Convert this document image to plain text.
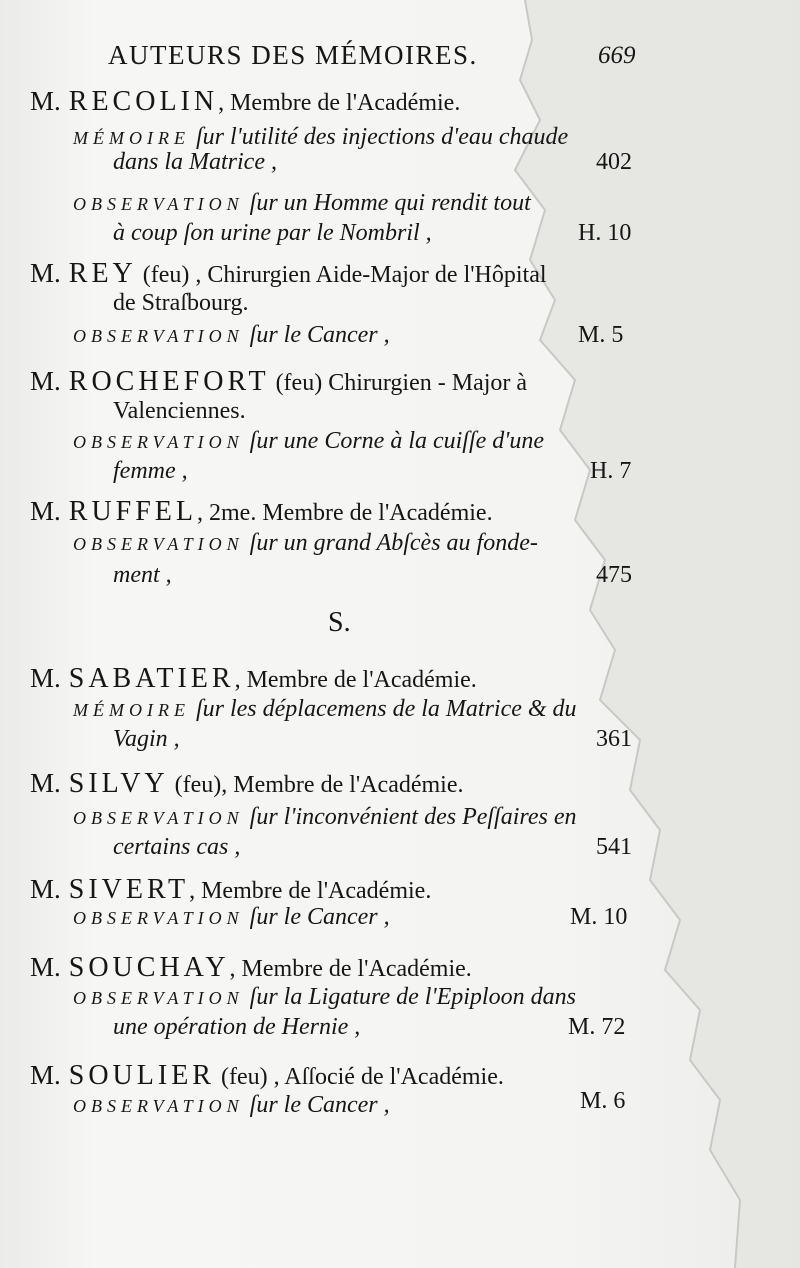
AUTEURS DES MÉMOIRES.	669
M. RECOLIN, Membre de l'Académie.
MÉMOIRE ſur l'utilité des injections d'eau chaude
dans la Matrice ,	402
OBSERVATION ſur un Homme qui rendit tout
à coup ſon urine par le Nombril ,	H. 10
M. REY (feu) , Chirurgien Aide-Major de l'Hôpital
de Straſbourg.
OBSERVATION ſur le Cancer ,	M. 5
M. ROCHEFORT (feu) Chirurgien - Major à
Valenciennes.
OBSERVATION ſur une Corne à la cuiſſe d'une
femme ,	H. 7
M. RUFFEL, 2me. Membre de l'Académie.
OBSERVATION ſur un grand Abſcès au fonde-
ment ,	475
S.
M. SABATIER, Membre de l'Académie.
MÉMOIRE ſur les déplacemens de la Matrice & du
Vagin ,	361
M. SILVY (feu), Membre de l'Académie.
OBSERVATION ſur l'inconvénient des Peſſaires en
certains cas ,	541
M. SIVERT, Membre de l'Académie.
OBSERVATION ſur le Cancer ,	M. 10
M. SOUCHAY, Membre de l'Académie.
OBSERVATION ſur la Ligature de l'Epiploon dans
une opération de Hernie ,	M. 72
M. SOULIER (feu) , Aſſocié de l'Académie.
OBSERVATION ſur le Cancer ,	M. 6
